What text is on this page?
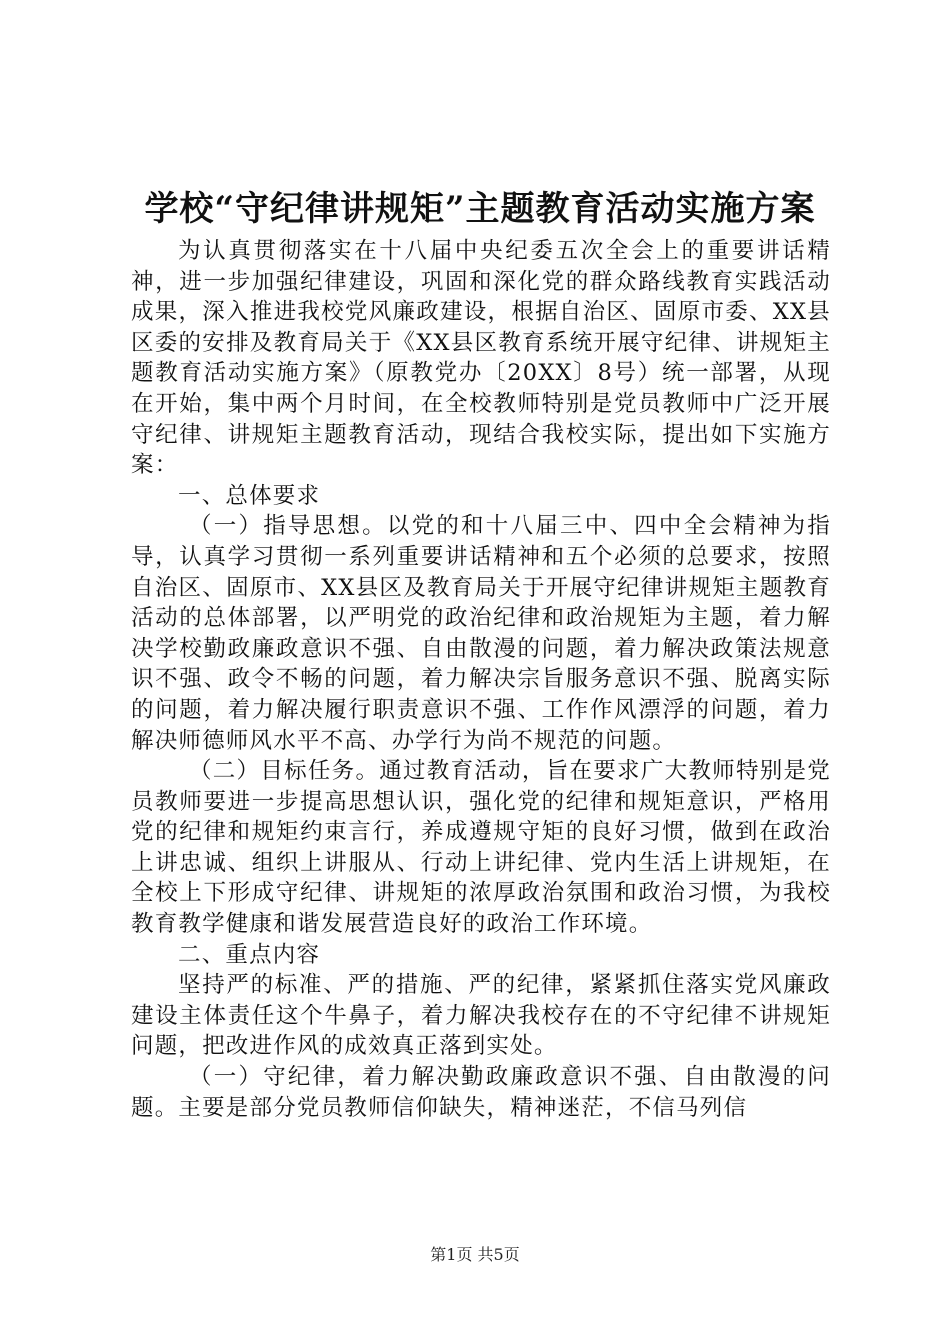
学校“守纪律讲规矩”主题教育活动实施方案

为认真贯彻落实在十八届中央纪委五次全会上的重要讲话精神，进一步加强纪律建设，巩固和深化党的群众路线教育实践活动成果，深入推进我校党风廉政建设，根据自治区、固原市委、XX县区委的安排及教育局关于《XX县区教育系统开展守纪律、讲规矩主题教育活动实施方案》（原教党办〔20XX〕8号）统一部署，从现在开始，集中两个月时间，在全校教师特别是党员教师中广泛开展守纪律、讲规矩主题教育活动，现结合我校实际，提出如下实施方案：

一、总体要求

（一）指导思想。以党的和十八届三中、四中全会精神为指导，认真学习贯彻一系列重要讲话精神和五个必须的总要求，按照自治区、固原市、XX县区及教育局关于开展守纪律讲规矩主题教育活动的总体部署，以严明党的政治纪律和政治规矩为主题，着力解决学校勤政廉政意识不强、自由散漫的问题，着力解决政策法规意识不强、政令不畅的问题，着力解决宗旨服务意识不强、脱离实际的问题，着力解决履行职责意识不强、工作作风漂浮的问题，着力解决师德师风水平不高、办学行为尚不规范的问题。

（二）目标任务。通过教育活动，旨在要求广大教师特别是党员教师要进一步提高思想认识，强化党的纪律和规矩意识，严格用党的纪律和规矩约束言行，养成遵规守矩的良好习惯，做到在政治上讲忠诚、组织上讲服从、行动上讲纪律、党内生活上讲规矩，在全校上下形成守纪律、讲规矩的浓厚政治氛围和政治习惯，为我校教育教学健康和谐发展营造良好的政治工作环境。

二、重点内容

坚持严的标准、严的措施、严的纪律，紧紧抓住落实党风廉政建设主体责任这个牛鼻子，着力解决我校存在的不守纪律不讲规矩问题，把改进作风的成效真正落到实处。

（一）守纪律，着力解决勤政廉政意识不强、自由散漫的问题。主要是部分党员教师信仰缺失，精神迷茫，不信马列信

第1页 共5页
